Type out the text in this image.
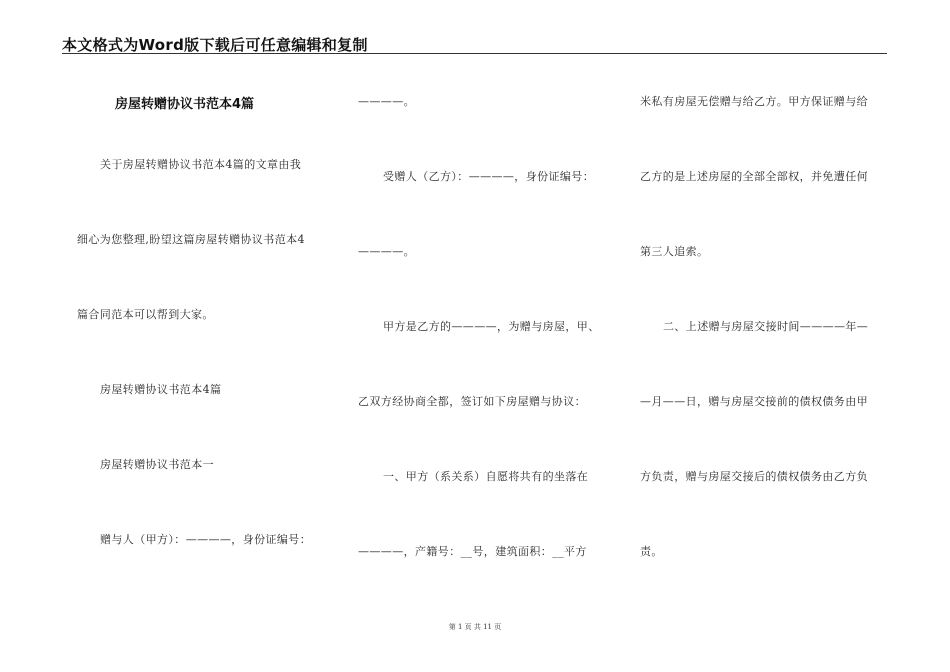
本文格式为Word版下载后可任意编辑和复制
房屋转赠协议书范本4篇
关于房屋转赠协议书范本4篇的文章由我
细心为您整理,盼望这篇房屋转赠协议书范本4
篇合同范本可以帮到大家。
房屋转赠协议书范本4篇
房屋转赠协议书范本一
赠与人（甲方）：————，身份证编号：
————。
受赠人（乙方）：————，身份证编号：
————。
甲方是乙方的————，为赠与房屋，甲、
乙双方经协商全都，签订如下房屋赠与协议：
一、甲方（系关系）自愿将共有的坐落在
————，产籍号：__号，建筑面积：__平方
米私有房屋无偿赠与给乙方。甲方保证赠与给
乙方的是上述房屋的全部全部权，并免遭任何
第三人追索。
二、上述赠与房屋交接时间————年—
—月——日，赠与房屋交接前的债权债务由甲
方负责，赠与房屋交接后的债权债务由乙方负
责。
第 1 页 共 11 页
